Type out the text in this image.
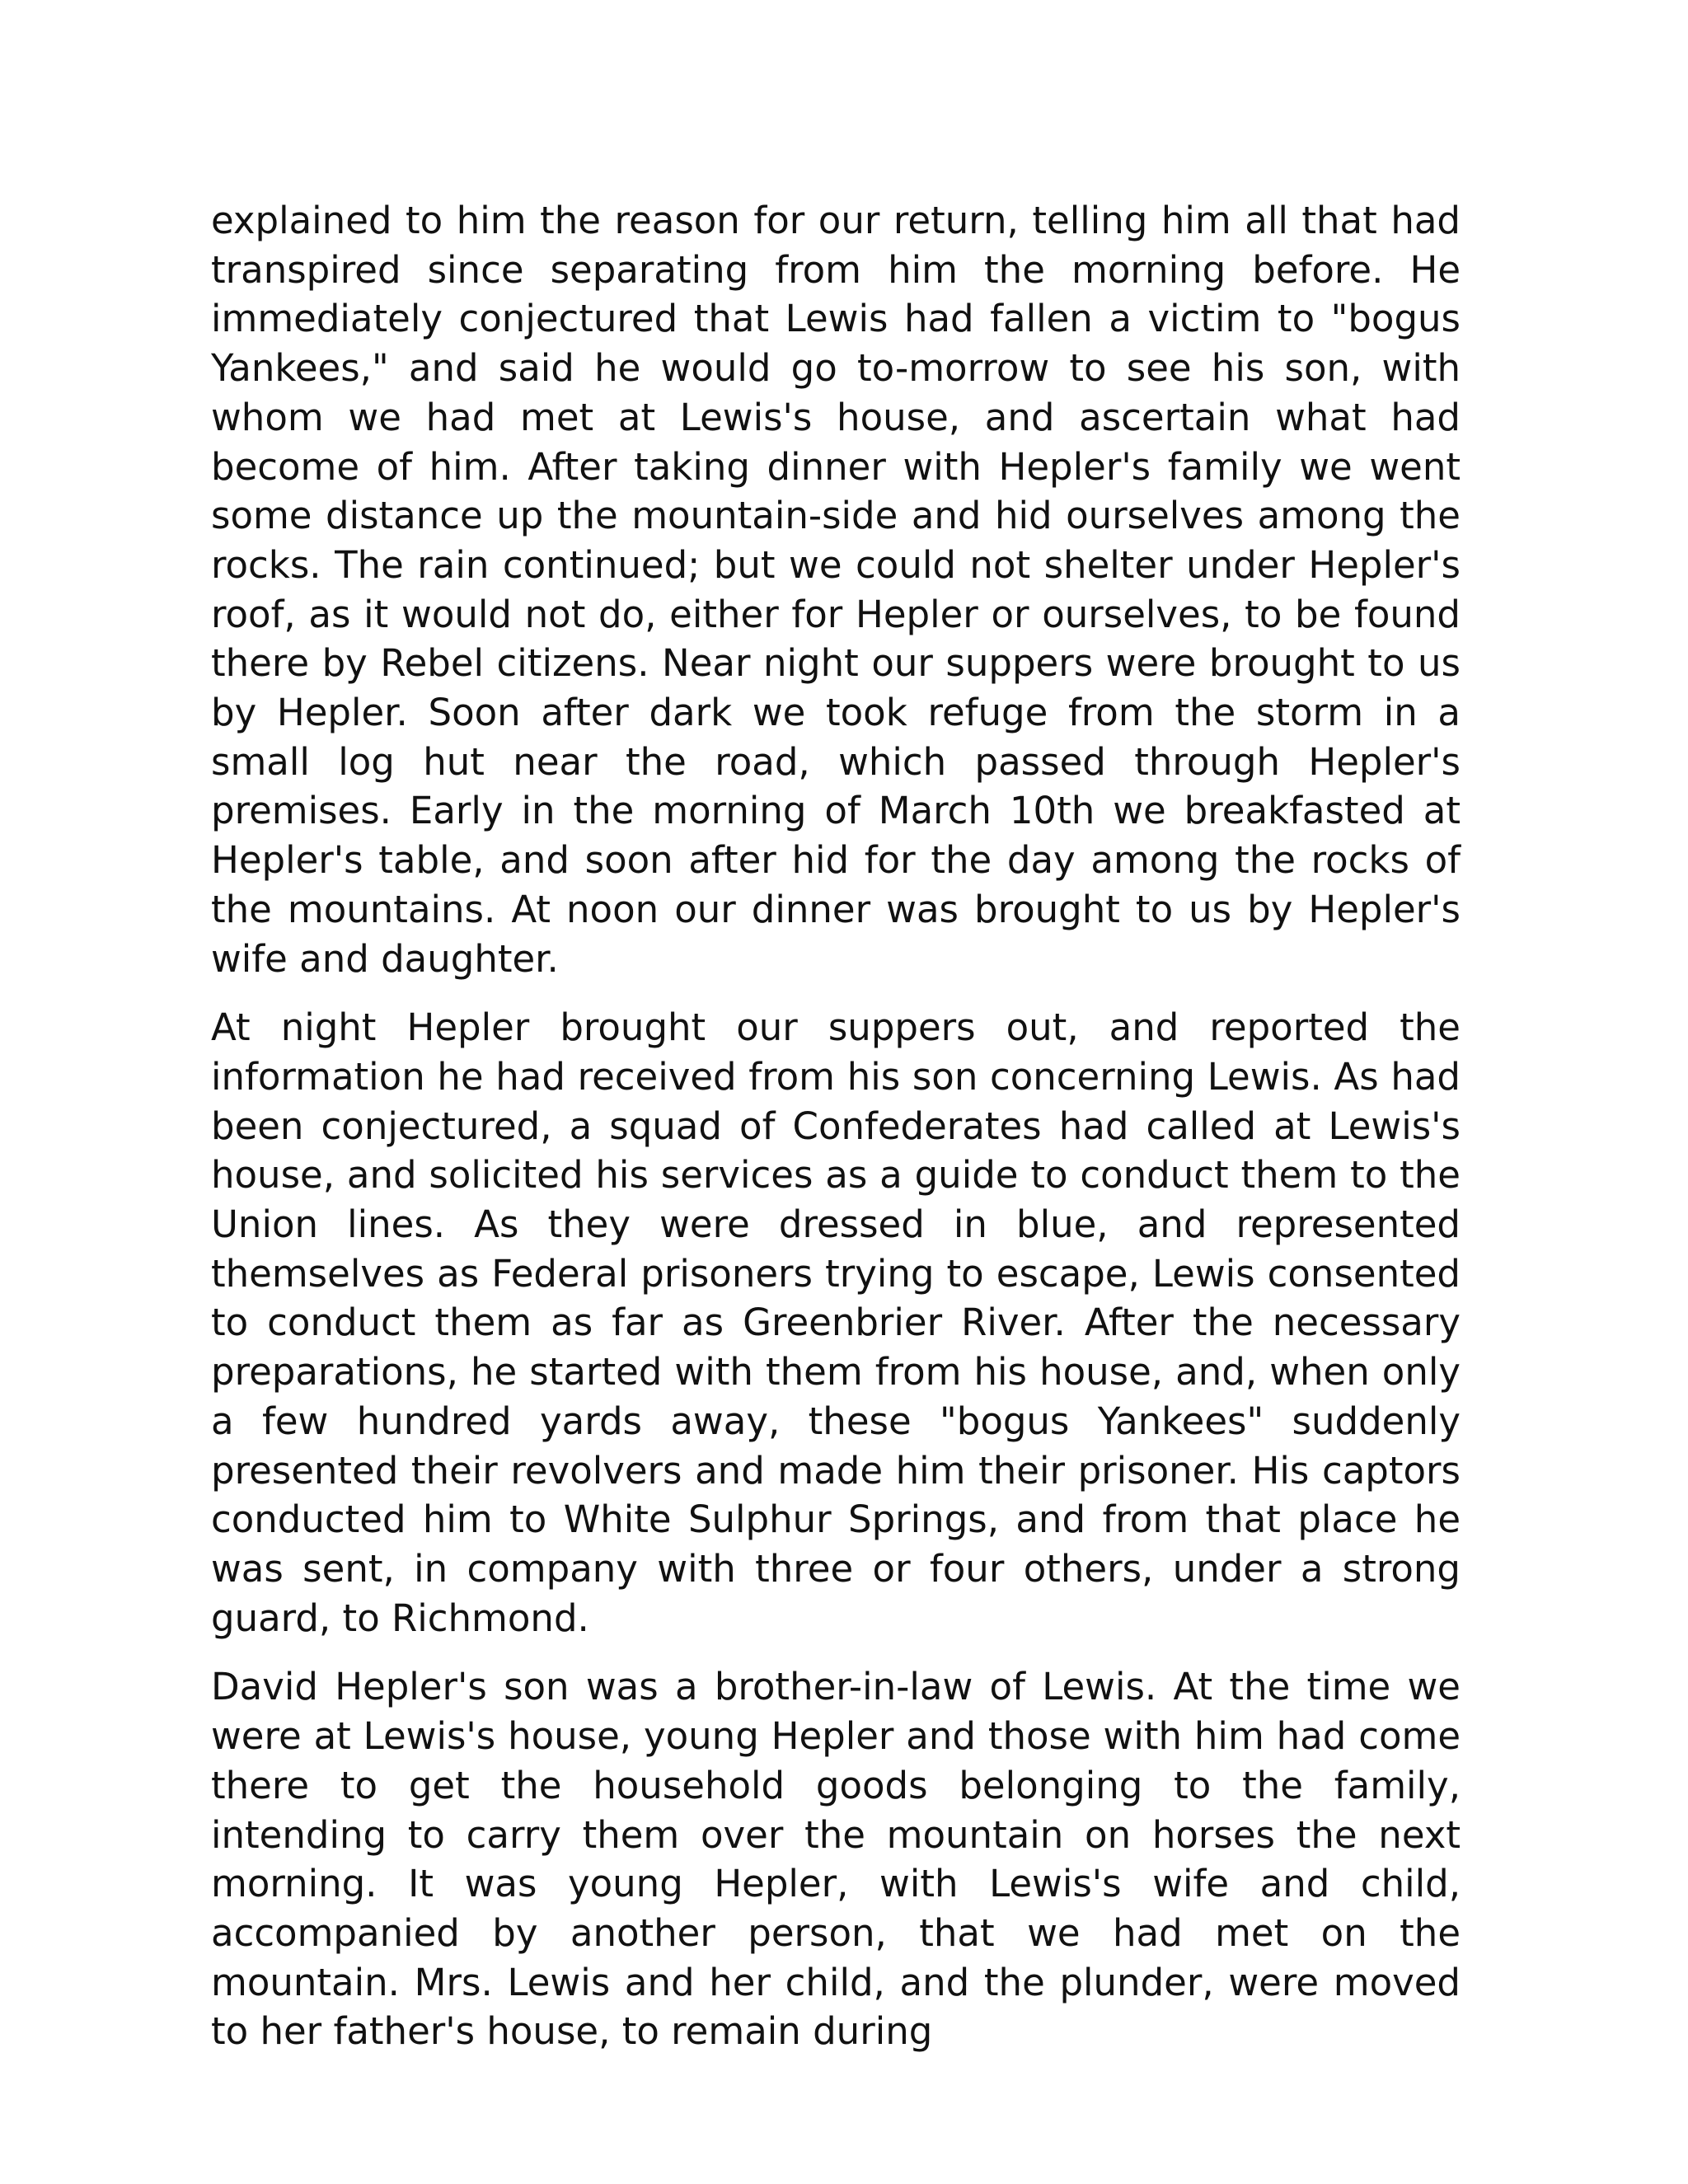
explained to him the reason for our return, telling him all that had transpired since separating from him the morning before. He immediately conjectured that Lewis had fallen a victim to "bogus Yankees," and said he would go to-morrow to see his son, with whom we had met at Lewis's house, and ascertain what had become of him. After taking dinner with Hepler's family we went some distance up the mountain-side and hid ourselves among the rocks. The rain continued; but we could not shelter under Hepler's roof, as it would not do, either for Hepler or ourselves, to be found there by Rebel citizens. Near night our suppers were brought to us by Hepler. Soon after dark we took refuge from the storm in a small log hut near the road, which passed through Hepler's premises. Early in the morning of March 10th we breakfasted at Hepler's table, and soon after hid for the day among the rocks of the mountains. At noon our dinner was brought to us by Hepler's wife and daughter.

At night Hepler brought our suppers out, and reported the information he had received from his son concerning Lewis. As had been conjectured, a squad of Confederates had called at Lewis's house, and solicited his services as a guide to conduct them to the Union lines. As they were dressed in blue, and represented themselves as Federal prisoners trying to escape, Lewis consented to conduct them as far as Greenbrier River. After the necessary preparations, he started with them from his house, and, when only a few hundred yards away, these "bogus Yankees" suddenly presented their revolvers and made him their prisoner. His captors conducted him to White Sulphur Springs, and from that place he was sent, in company with three or four others, under a strong guard, to Richmond.

David Hepler's son was a brother-in-law of Lewis. At the time we were at Lewis's house, young Hepler and those with him had come there to get the household goods belonging to the family, intending to carry them over the mountain on horses the next morning. It was young Hepler, with Lewis's wife and child, accompanied by another person, that we had met on the mountain. Mrs. Lewis and her child, and the plunder, were moved to her father's house, to remain during
